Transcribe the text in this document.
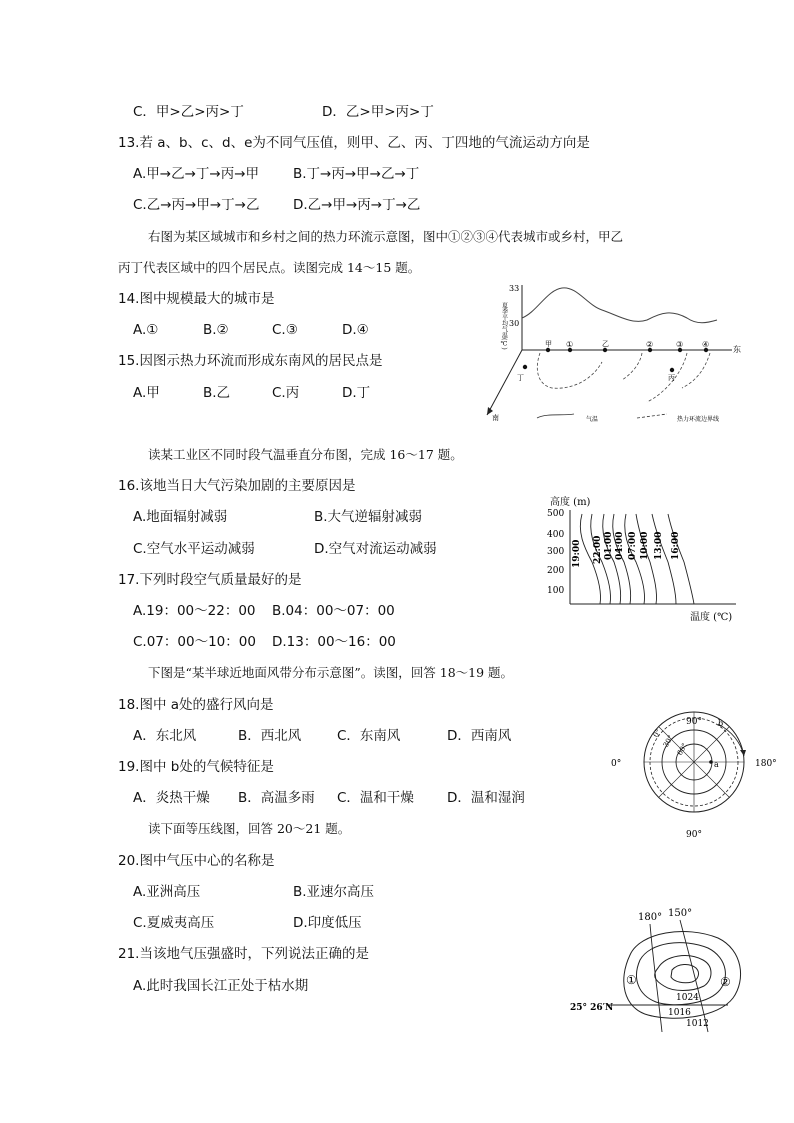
C．甲>乙>丙>丁	D．乙>甲>丙>丁
13.若 a、b、c、d、e为不同气压值，则甲、乙、丙、丁四地的气流运动方向是
A.甲→乙→丁→丙→甲	B.丁→丙→甲→乙→丁
C.乙→丙→甲→丁→乙 D.乙→甲→丙→丁→乙
右图为某区域城市和乡村之间的热力环流示意图，图中①②③④代表城市或乡村，甲乙
丙丁代表区域中的四个居民点。读图完成 14～15 题。
14.图中规模最大的城市是
A.①	B.②	C.③	D.④
15.因图示热力环流而形成东南风的居民点是
A.甲	B.乙	C.丙	D.丁
33
30
夏季平均气温(℃)	东
南
甲 ①	乙	②	③ ④
丁	丙
气温	热力环流边界线
读某工业区不同时段气温垂直分布图，完成 16～17 题。
16.该地当日大气污染加剧的主要原因是
A.地面辐射减弱	B.大气逆辐射减弱
C.空气水平运动减弱	D.空气对流运动减弱
17.下列时段空气质量最好的是
A.19：00～22：00 B.04：00～07：00
C.07：00～10：00 D.13：00～16：00
高度 (m)
500
400
300
200
100
19:00 22:00 01:00 04:00 07:00 10:00 13:00 16:00
温度 (℃)
下图是“某半球近地面风带分布示意图”。读图，回答 18～19 题。
18.图中 a处的盛行风向是
A．东北风	B．西北风	C．东南风	D．西南风
19.图中 b处的气候特征是
A．炎热干燥 B．高温多雨 C．温和干燥 D．温和湿润
90°
90°
0°	180°
0°
30°
60°
b
a
读下面等压线图，回答 20～21 题。
20.图中气压中心的名称是
A.亚洲高压	B.亚速尔高压
C.夏威夷高压	D.印度低压
21.当该地气压强盛时，下列说法正确的是
A.此时我国长江正处于枯水期
180° 150°
①	②
1024
1016
1012
25° 26′N
